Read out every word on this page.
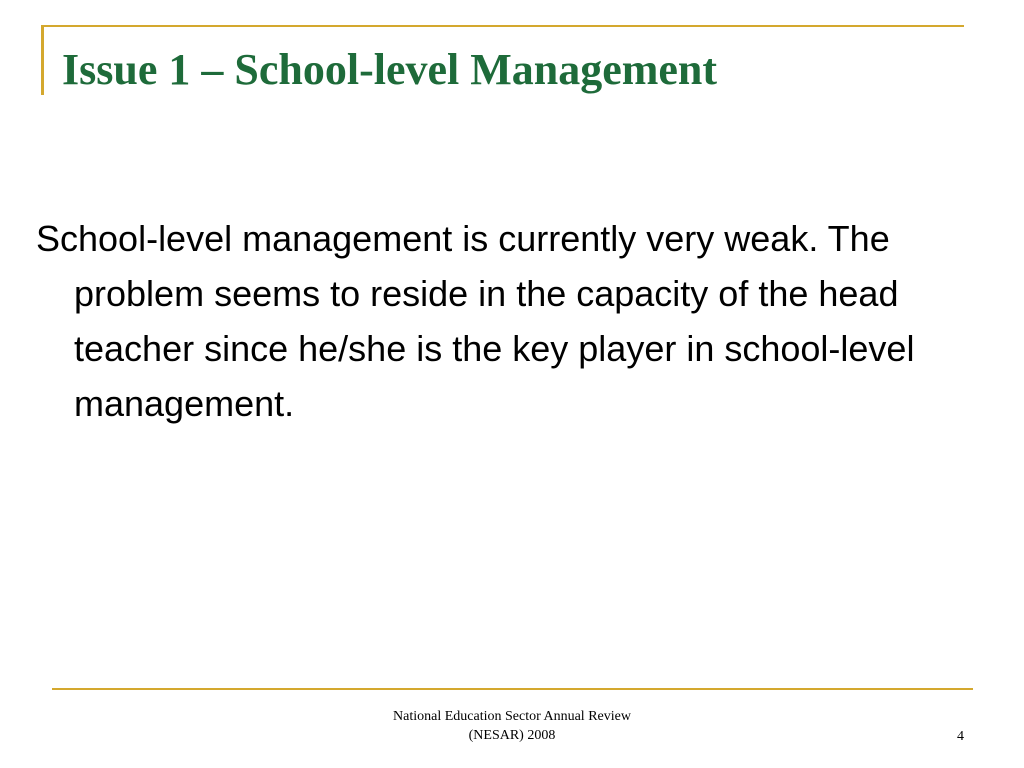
Issue 1 – School-level Management

School-level management is currently very weak. The problem seems to reside in the capacity of the head teacher since he/she is the key player in school-level management.

National Education Sector Annual Review
(NESAR) 2008	4
